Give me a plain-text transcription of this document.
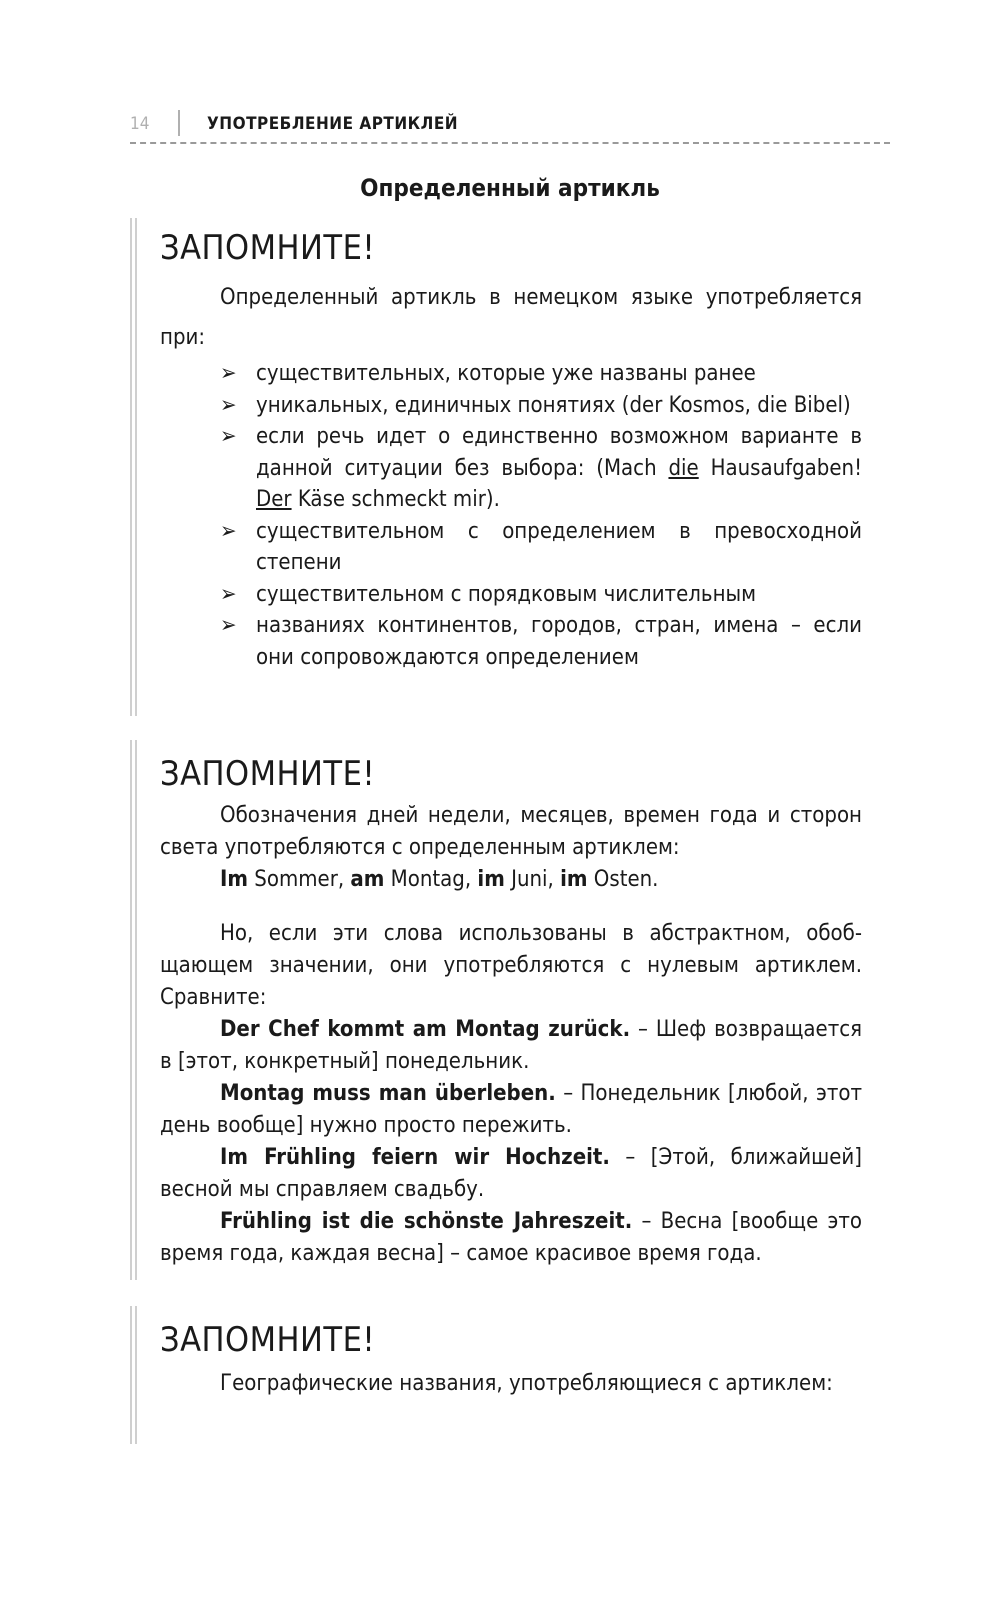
14	УПОТРЕБЛЕНИЕ АРТИКЛЕЙ
Определенный артикль
ЗАПОМНИТЕ!

Определенный артикль в немецком языке употребляется при:

➢ существительных, которые уже названы ранее
➢ уникальных, единичных понятиях (der Kosmos, die Bibel)
➢ если речь идет о единственно возможном варианте в данной ситуации без выбора: (Mach die Hausaufgaben! Der Käse schmeckt mir).
➢ существительном с определением в превосходной степени
➢ существительном с порядковым числительным
➢ названиях континентов, городов, стран, имена – если они сопровождаются определением
ЗАПОМНИТЕ!

Обозначения дней недели, месяцев, времен года и сторон света употребляются с определенным артиклем:

Im Sommer, am Montag, im Juni, im Osten.

Но, если эти слова использованы в абстрактном, обобщающем значении, они употребляются с нулевым артиклем. Сравните:

Der Chef kommt am Montag zurück. – Шеф возвращается в [этот, конкретный] понедельник.

Montag muss man überleben. – Понедельник [любой, этот день вообще] нужно просто пережить.

Im Frühling feiern wir Hochzeit. – [Этой, ближайшей] весной мы справляем свадьбу.

Frühling ist die schönste Jahreszeit. – Весна [вообще это время года, каждая весна] – самое красивое время года.

ЗАПОМНИТЕ!

Географические названия, употребляющиеся с артиклем:
